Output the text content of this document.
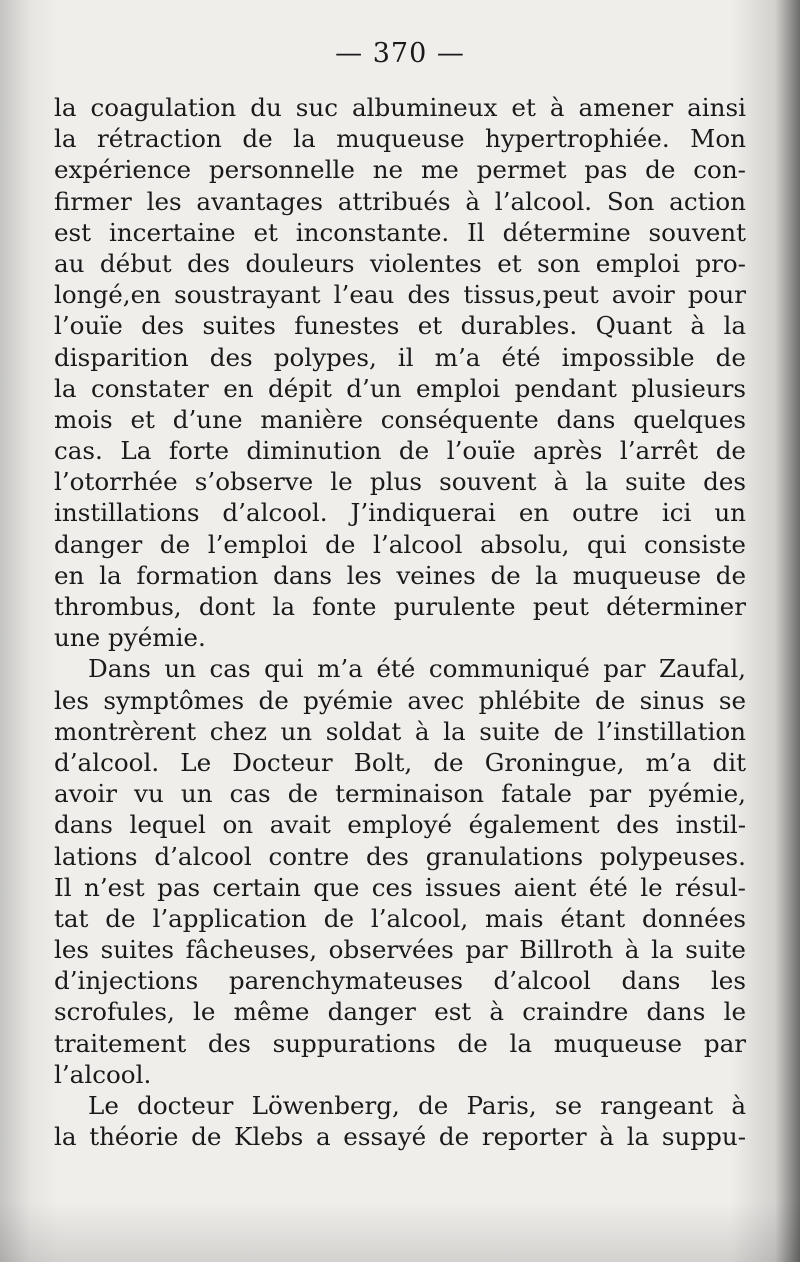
— 370 —
la coagulation du suc albumineux et à amener ainsi
la rétraction de la muqueuse hypertrophiée. Mon
expérience personnelle ne me permet pas de con-
firmer les avantages attribués à l’alcool. Son action
est incertaine et inconstante. Il détermine souvent
au début des douleurs violentes et son emploi pro-
longé,en soustrayant l’eau des tissus,peut avoir pour
l’ouïe des suites funestes et durables. Quant à la
disparition des polypes, il m’a été impossible de
la constater en dépit d’un emploi pendant plusieurs
mois et d’une manière conséquente dans quelques
cas. La forte diminution de l’ouïe après l’arrêt de
l’otorrhée s’observe le plus souvent à la suite des
instillations d’alcool. J’indiquerai en outre ici un
danger de l’emploi de l’alcool absolu, qui consiste
en la formation dans les veines de la muqueuse de
thrombus, dont la fonte purulente peut déterminer
une pyémie.
Dans un cas qui m’a été communiqué par Zaufal,
les symptômes de pyémie avec phlébite de sinus se
montrèrent chez un soldat à la suite de l’instillation
d’alcool. Le Docteur Bolt, de Groningue, m’a dit
avoir vu un cas de terminaison fatale par pyémie,
dans lequel on avait employé également des instil-
lations d’alcool contre des granulations polypeuses.
Il n’est pas certain que ces issues aient été le résul-
tat de l’application de l’alcool, mais étant données
les suites fâcheuses, observées par Billroth à la suite
d’injections parenchymateuses d’alcool dans les
scrofules, le même danger est à craindre dans le
traitement des suppurations de la muqueuse par
l’alcool.
Le docteur Löwenberg, de Paris, se rangeant à
la théorie de Klebs a essayé de reporter à la suppu-
